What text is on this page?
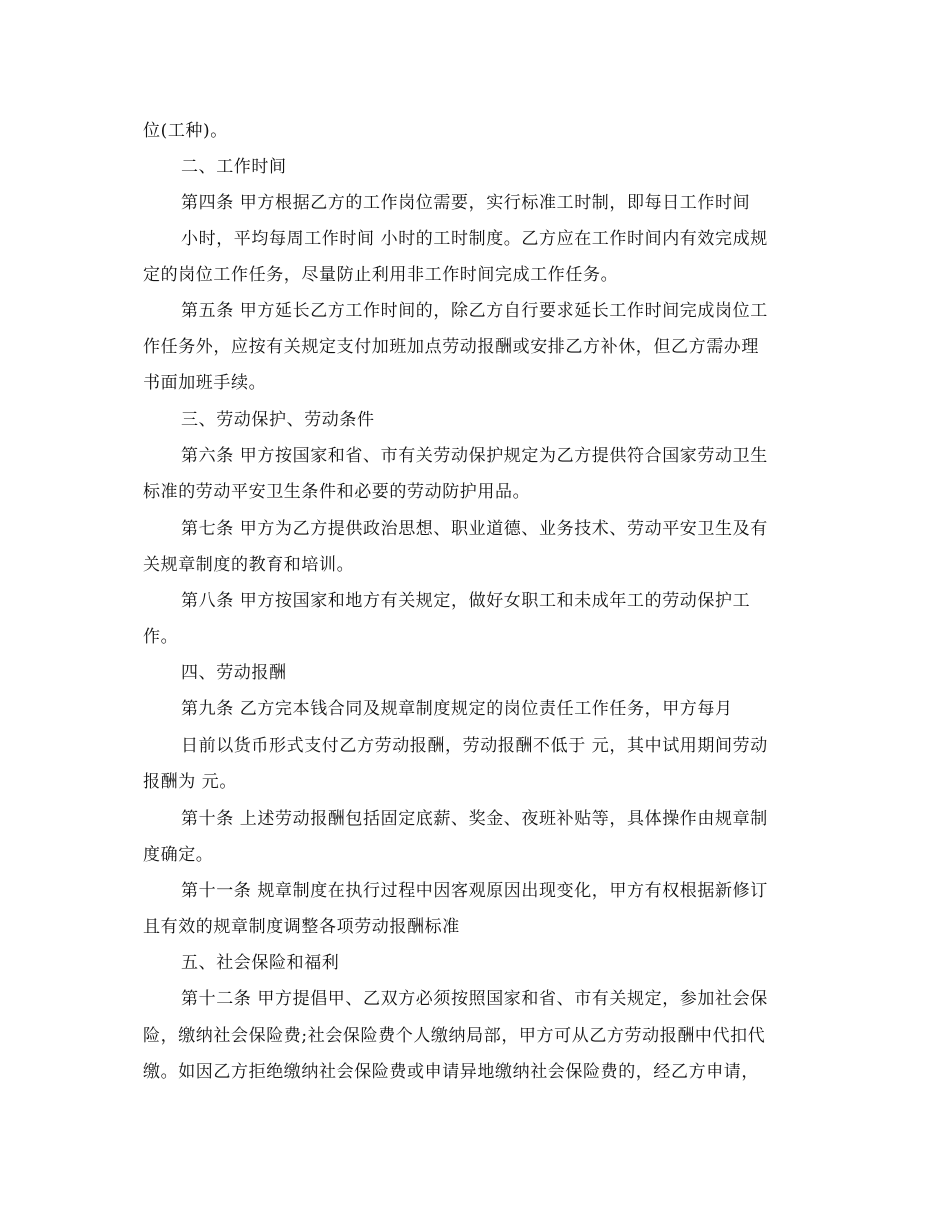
位(工种)。
二、工作时间
第四条 甲方根据乙方的工作岗位需要，实行标准工时制，即每日工作时间
小时，平均每周工作时间 小时的工时制度。乙方应在工作时间内有效完成规
定的岗位工作任务，尽量防止利用非工作时间完成工作任务。
第五条 甲方延长乙方工作时间的，除乙方自行要求延长工作时间完成岗位工
作任务外，应按有关规定支付加班加点劳动报酬或安排乙方补休，但乙方需办理
书面加班手续。
三、劳动保护、劳动条件
第六条 甲方按国家和省、市有关劳动保护规定为乙方提供符合国家劳动卫生
标准的劳动平安卫生条件和必要的劳动防护用品。
第七条 甲方为乙方提供政治思想、职业道德、业务技术、劳动平安卫生及有
关规章制度的教育和培训。
第八条 甲方按国家和地方有关规定，做好女职工和未成年工的劳动保护工
作。
四、劳动报酬
第九条 乙方完本钱合同及规章制度规定的岗位责任工作任务，甲方每月
日前以货币形式支付乙方劳动报酬，劳动报酬不低于 元，其中试用期间劳动
报酬为 元。
第十条 上述劳动报酬包括固定底薪、奖金、夜班补贴等，具体操作由规章制
度确定。
第十一条 规章制度在执行过程中因客观原因出现变化，甲方有权根据新修订
且有效的规章制度调整各项劳动报酬标准
五、社会保险和福利
第十二条 甲方提倡甲、乙双方必须按照国家和省、市有关规定，参加社会保
险，缴纳社会保险费;社会保险费个人缴纳局部，甲方可从乙方劳动报酬中代扣代
缴。如因乙方拒绝缴纳社会保险费或申请异地缴纳社会保险费的，经乙方申请，
